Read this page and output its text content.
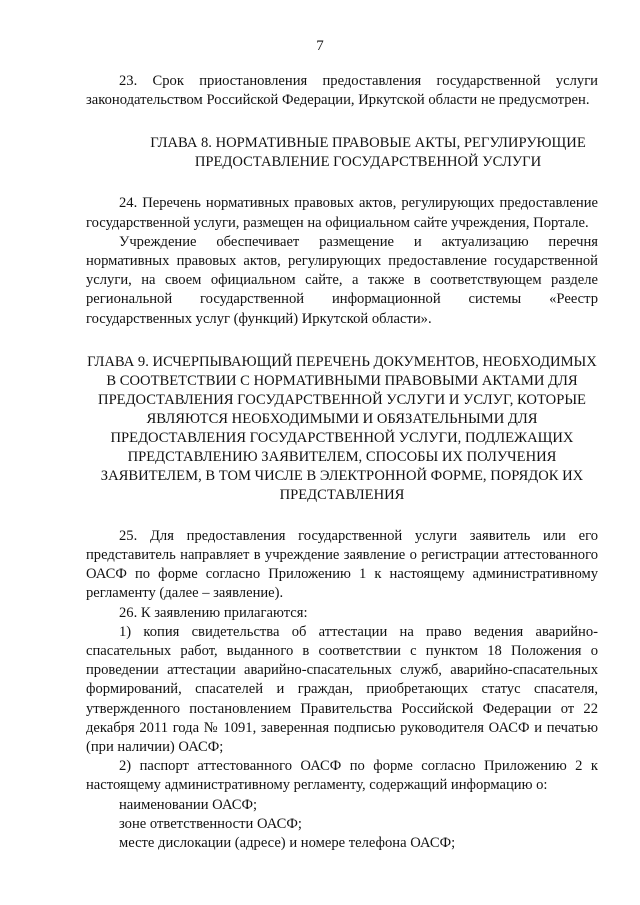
7

23. Срок приостановления предоставления государственной услуги законодательством Российской Федерации, Иркутской области не предусмотрен.

ГЛАВА 8. НОРМАТИВНЫЕ ПРАВОВЫЕ АКТЫ, РЕГУЛИРУЮЩИЕ ПРЕДОСТАВЛЕНИЕ ГОСУДАРСТВЕННОЙ УСЛУГИ

24. Перечень нормативных правовых актов, регулирующих предоставление государственной услуги, размещен на официальном сайте учреждения, Портале.

Учреждение обеспечивает размещение и актуализацию перечня нормативных правовых актов, регулирующих предоставление государственной услуги, на своем официальном сайте, а также в соответствующем разделе региональной государственной информационной системы «Реестр государственных услуг (функций) Иркутской области».

ГЛАВА 9. ИСЧЕРПЫВАЮЩИЙ ПЕРЕЧЕНЬ ДОКУМЕНТОВ, НЕОБХОДИМЫХ В СООТВЕТСТВИИ С НОРМАТИВНЫМИ ПРАВОВЫМИ АКТАМИ ДЛЯ ПРЕДОСТАВЛЕНИЯ ГОСУДАРСТВЕННОЙ УСЛУГИ И УСЛУГ, КОТОРЫЕ ЯВЛЯЮТСЯ НЕОБХОДИМЫМИ И ОБЯЗАТЕЛЬНЫМИ ДЛЯ ПРЕДОСТАВЛЕНИЯ ГОСУДАРСТВЕННОЙ УСЛУГИ, ПОДЛЕЖАЩИХ ПРЕДСТАВЛЕНИЮ ЗАЯВИТЕЛЕМ, СПОСОБЫ ИХ ПОЛУЧЕНИЯ ЗАЯВИТЕЛЕМ, В ТОМ ЧИСЛЕ В ЭЛЕКТРОННОЙ ФОРМЕ, ПОРЯДОК ИХ ПРЕДСТАВЛЕНИЯ

25. Для предоставления государственной услуги заявитель или его представитель направляет в учреждение заявление о регистрации аттестованного ОАСФ по форме согласно Приложению 1 к настоящему административному регламенту (далее – заявление).

26. К заявлению прилагаются:

1) копия свидетельства об аттестации на право ведения аварийно-спасательных работ, выданного в соответствии с пунктом 18 Положения о проведении аттестации аварийно-спасательных служб, аварийно-спасательных формирований, спасателей и граждан, приобретающих статус спасателя, утвержденного постановлением Правительства Российской Федерации от 22 декабря 2011 года № 1091, заверенная подписью руководителя ОАСФ и печатью (при наличии) ОАСФ;

2) паспорт аттестованного ОАСФ по форме согласно Приложению 2 к настоящему административному регламенту, содержащий информацию о:

наименовании ОАСФ;

зоне ответственности ОАСФ;

месте дислокации (адресе) и номере телефона ОАСФ;
